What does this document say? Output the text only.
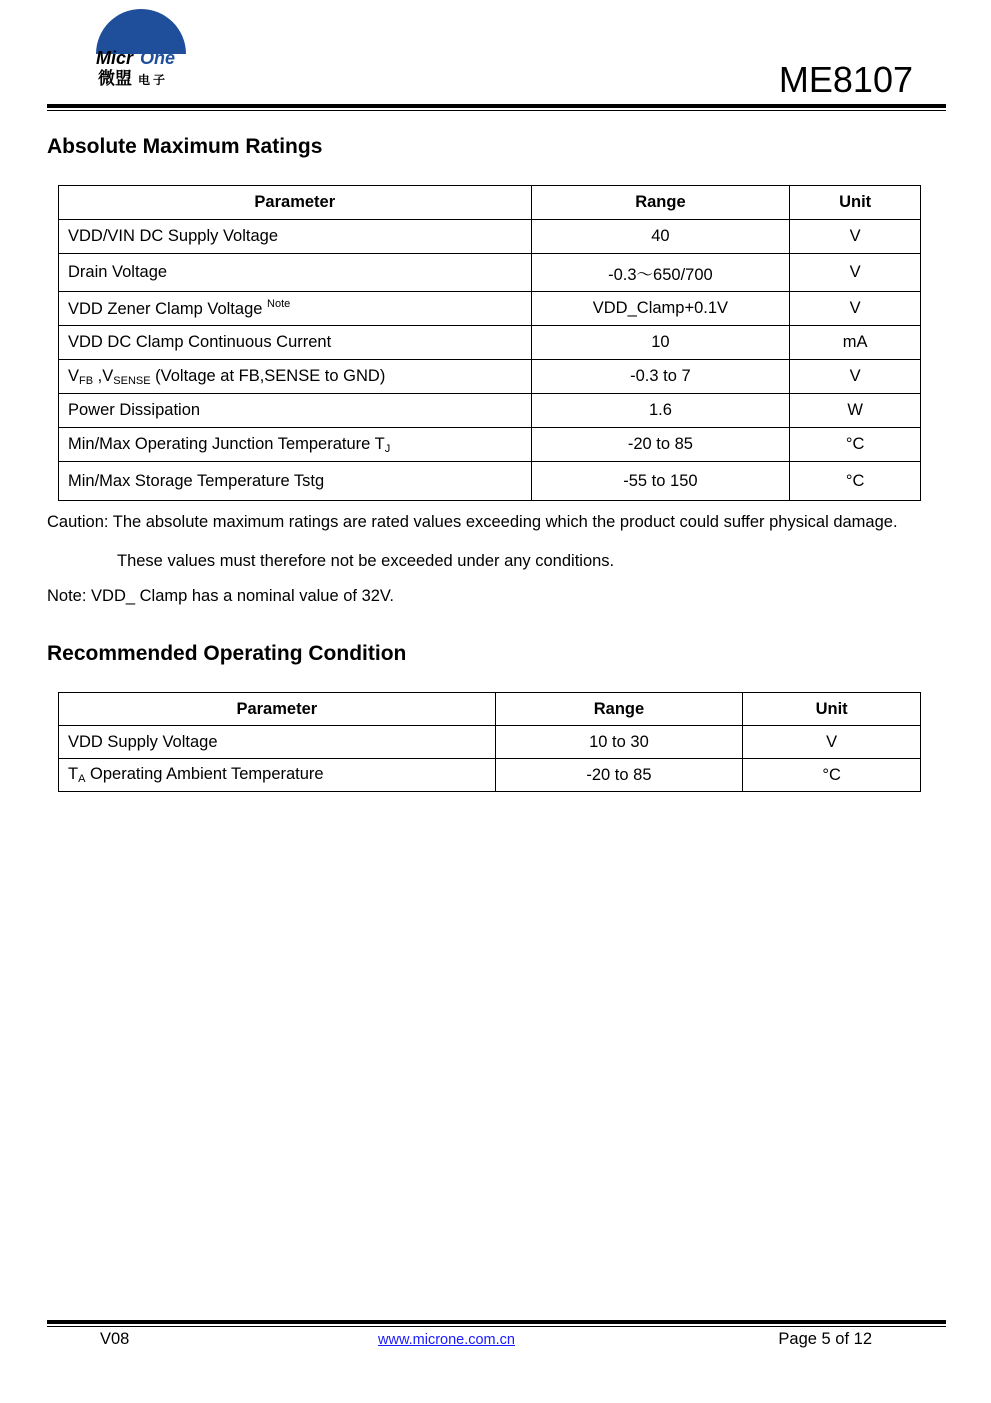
Micr One
微盟 电子	ME8107
Absolute Maximum Ratings
Parameter	Range	Unit
VDD/VIN DC Supply Voltage	40	V
Drain Voltage	-0.3～650/700	V
VDD Zener Clamp Voltage $^{Note}$	VDD_Clamp+0.1V	V
VDD DC Clamp Continuous Current	10	mA
$V_{FB}$ $,V_{SENSE}$ (Voltage at FB,SENSE to GND)	-0.3 to 7	V
Power Dissipation	1.6	W
Min/Max Operating Junction Temperature $T_J$	-20 to 85	°C
Min/Max Storage Temperature Tstg	-55 to 150	°C
Caution: The absolute maximum ratings are rated values exceeding which the product could suffer physical damage.
These values must therefore not be exceeded under any conditions.
Note: VDD_ Clamp has a nominal value of 32V.
Recommended Operating Condition
Parameter	Range	Unit
VDD Supply Voltage	10 to 30	V
$T_A$ Operating Ambient Temperature	-20 to 85	°C
V08	www.microne.com.cn	Page 5 of 12
